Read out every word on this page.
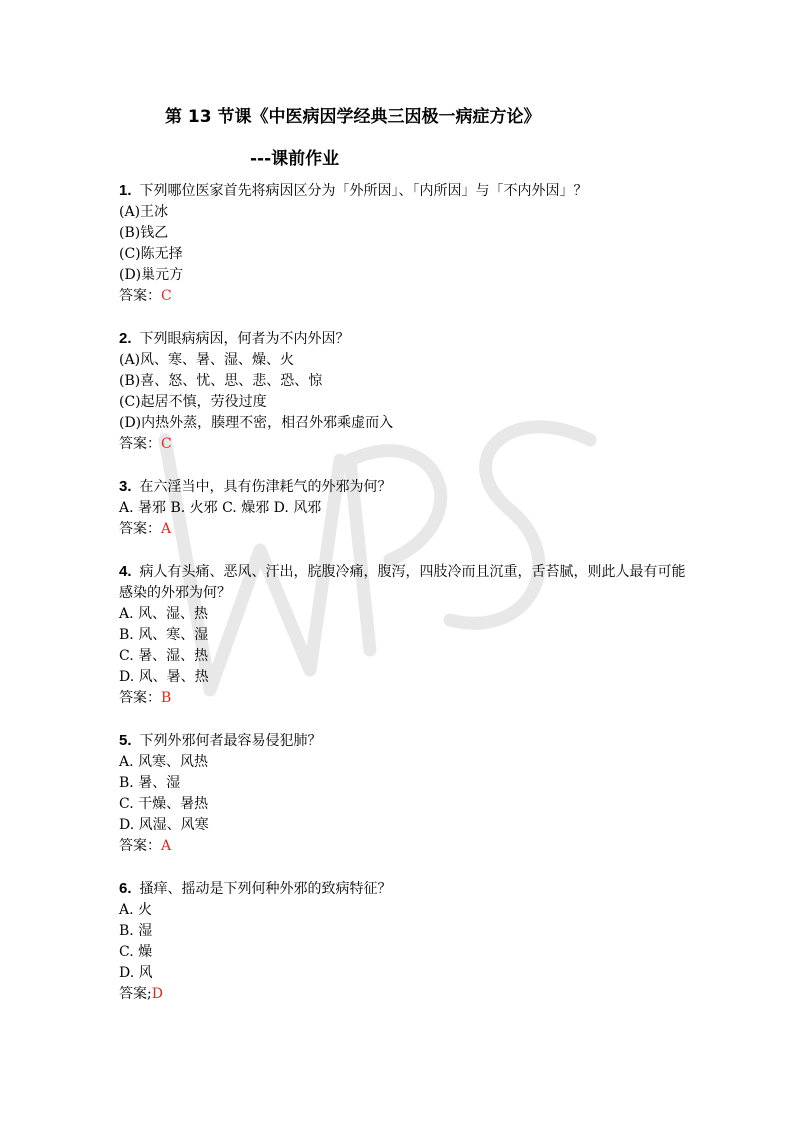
第 13 节课《中医病因学经典三因极一病症方论》
---课前作业
1. 下列哪位医家首先将病因区分为「外所因」、「内所因」与「不内外因」？
(A)王冰
(B)钱乙
(C)陈无择
(D)巢元方
答案：C
2. 下列眼病病因，何者为不内外因？
(A)风、寒、暑、湿、燥、火
(B)喜、怒、忧、思、悲、恐、惊
(C)起居不慎，劳役过度
(D)内热外蒸，腠理不密，相召外邪乘虚而入
答案：C
3. 在六淫当中，具有伤津耗气的外邪为何？
A. 暑邪 B. 火邪 C. 燥邪 D. 风邪
答案：A
4. 病人有头痛、恶风、汗出，脘腹冷痛，腹泻，四肢冷而且沉重，舌苔腻，则此人最有可能感染的外邪为何？
A. 风、湿、热
B. 风、寒、湿
C. 暑、湿、热
D. 风、暑、热
答案：B
5. 下列外邪何者最容易侵犯肺？
A. 风寒、风热
B. 暑、湿
C. 干燥、暑热
D. 风湿、风寒
答案：A
6. 搔痒、摇动是下列何种外邪的致病特征？
A. 火
B. 湿
C. 燥
D. 风
答案;D
